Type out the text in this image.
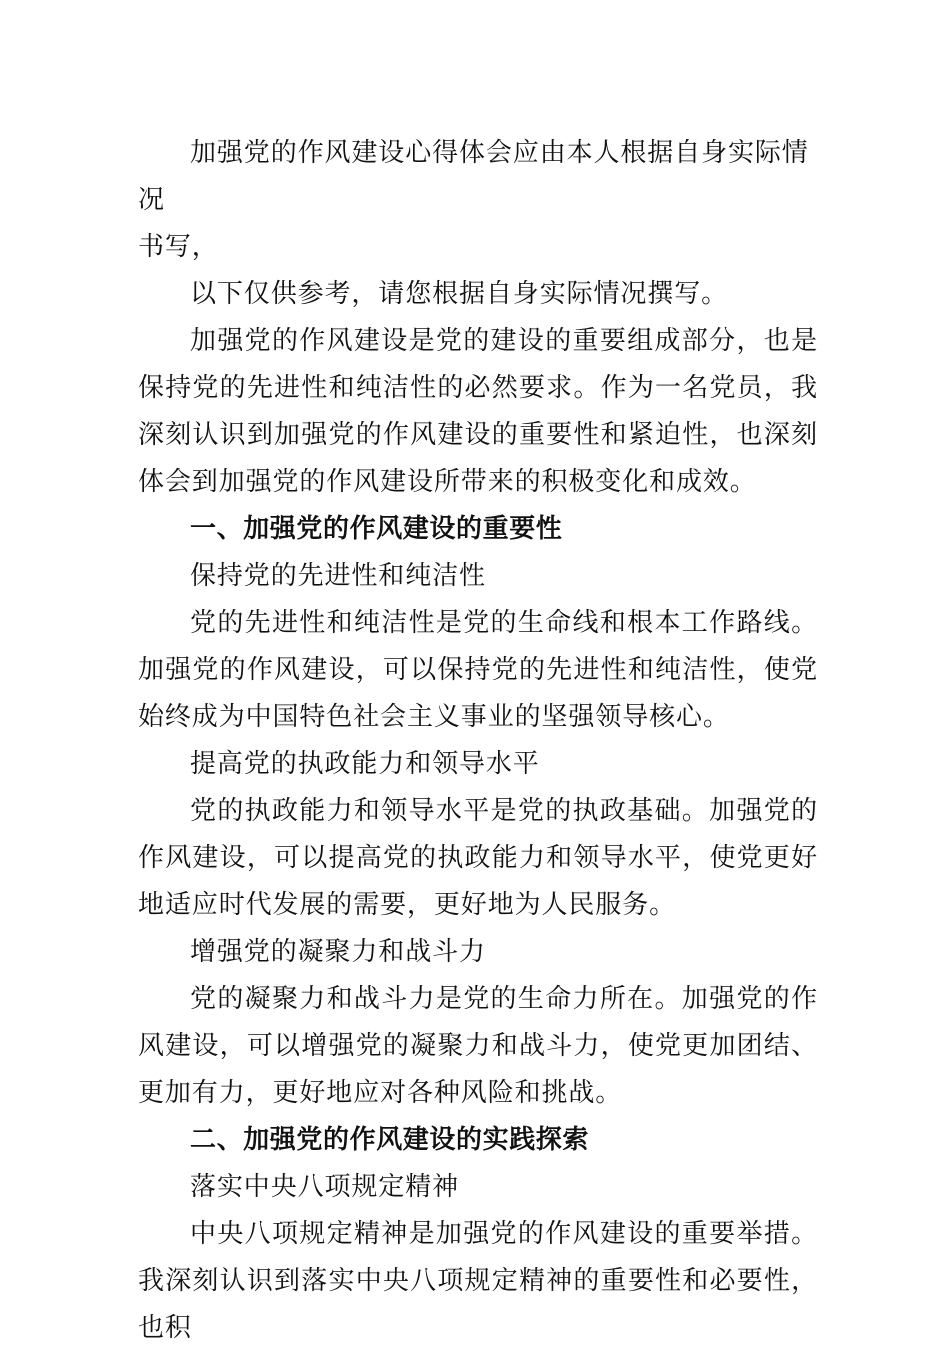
加强党的作风建设心得体会应由本人根据自身实际情况

书写，

以下仅供参考，请您根据自身实际情况撰写。

加强党的作风建设是党的建设的重要组成部分，也是保持党的先进性和纯洁性的必然要求。作为一名党员，我深刻认识到加强党的作风建设的重要性和紧迫性，也深刻体会到加强党的作风建设所带来的积极变化和成效。

一、加强党的作风建设的重要性

保持党的先进性和纯洁性

党的先进性和纯洁性是党的生命线和根本工作路线。加强党的作风建设，可以保持党的先进性和纯洁性，使党始终成为中国特色社会主义事业的坚强领导核心。

提高党的执政能力和领导水平

党的执政能力和领导水平是党的执政基础。加强党的作风建设，可以提高党的执政能力和领导水平，使党更好地适应时代发展的需要，更好地为人民服务。

增强党的凝聚力和战斗力

党的凝聚力和战斗力是党的生命力所在。加强党的作风建设，可以增强党的凝聚力和战斗力，使党更加团结、更加有力，更好地应对各种风险和挑战。

二、加强党的作风建设的实践探索

落实中央八项规定精神

中央八项规定精神是加强党的作风建设的重要举措。我深刻认识到落实中央八项规定精神的重要性和必要性，也积
